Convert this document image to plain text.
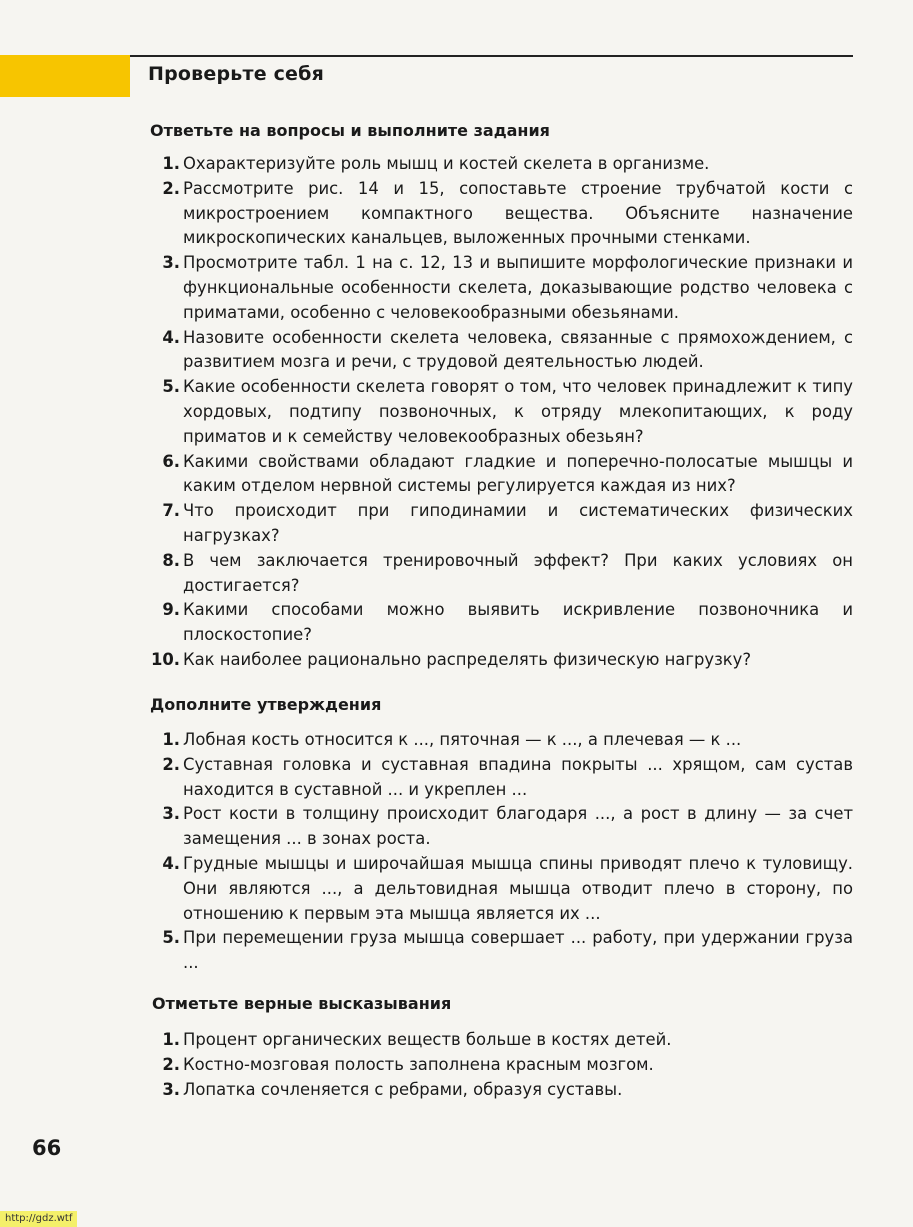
Проверьте себя
Ответьте на вопросы и выполните задания
1. Охарактеризуйте роль мышц и костей скелета в организме.
2. Рассмотрите рис. 14 и 15, сопоставьте строение трубчатой кости с микростроением компактного вещества. Объясните назначение микроскопических канальцев, выложенных прочными стенками.
3. Просмотрите табл. 1 на с. 12, 13 и выпишите морфологические признаки и функциональные особенности скелета, доказывающие родство человека с приматами, особенно с человекообразными обезьянами.
4. Назовите особенности скелета человека, связанные с прямохождением, с развитием мозга и речи, с трудовой деятельностью людей.
5. Какие особенности скелета говорят о том, что человек принадлежит к типу хордовых, подтипу позвоночных, к отряду млекопитающих, к роду приматов и к семейству человекообразных обезьян?
6. Какими свойствами обладают гладкие и поперечно-полосатые мышцы и каким отделом нервной системы регулируется каждая из них?
7. Что происходит при гиподинамии и систематических физических нагрузках?
8. В чем заключается тренировочный эффект? При каких условиях он достигается?
9. Какими способами можно выявить искривление позвоночника и плоскостопие?
10. Как наиболее рационально распределять физическую нагрузку?
Дополните утверждения
1. Лобная кость относится к ..., пяточная — к ..., а плечевая — к ...
2. Суставная головка и суставная впадина покрыты ... хрящом, сам сустав находится в суставной ... и укреплен ...
3. Рост кости в толщину происходит благодаря ..., а рост в длину — за счет замещения ... в зонах роста.
4. Грудные мышцы и широчайшая мышца спины приводят плечо к туловищу. Они являются ..., а дельтовидная мышца отводит плечо в сторону, по отношению к первым эта мышца является их ...
5. При перемещении груза мышца совершает ... работу, при удержании груза ...
Отметьте верные высказывания
1. Процент органических веществ больше в костях детей.
2. Костно-мозговая полость заполнена красным мозгом.
3. Лопатка сочленяется с ребрами, образуя суставы.
66
http://gdz.wtf
